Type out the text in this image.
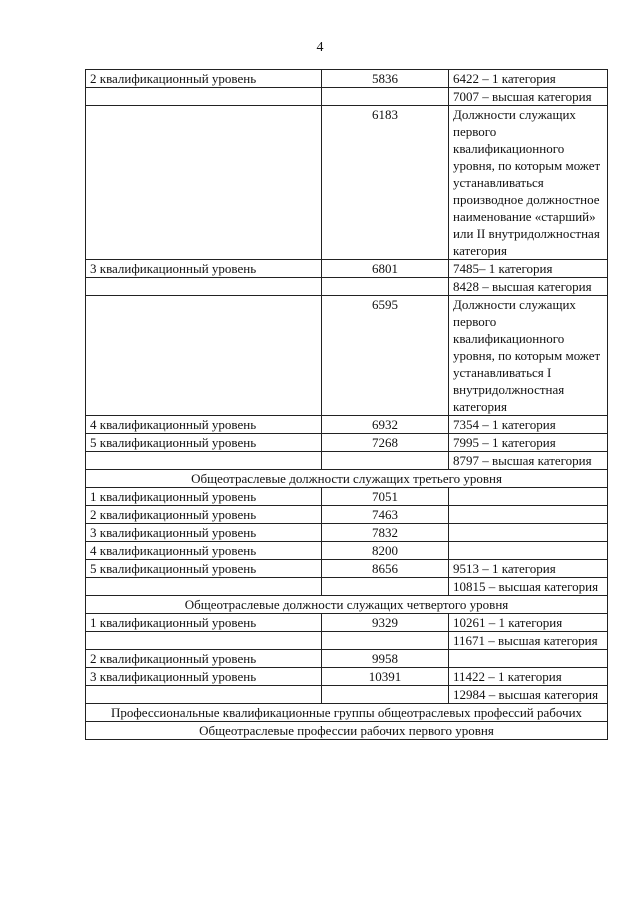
4
2 квалификационный уровень	5836	6422 – 1 категория
		7007 – высшая категория
	6183	Должности служащих первого квалификационного уровня, по которым может устанавливаться производное должностное наименование «старший» или II внутридолжностная категория
3 квалификационный уровень	6801	7485– 1 категория
		8428 – высшая категория
	6595	Должности служащих первого квалификационного уровня, по которым может устанавливаться I внутридолжностная категория
4 квалификационный уровень	6932	7354 – 1 категория
5 квалификационный уровень	7268	7995 – 1 категория
		8797 – высшая категория
Общеотраслевые должности служащих третьего уровня		
1 квалификационный уровень	7051	
2 квалификационный уровень	7463	
3 квалификационный уровень	7832	
4 квалификационный уровень	8200	
5 квалификационный уровень	8656	9513 – 1 категория
		10815 – высшая категория
Общеотраслевые должности служащих четвертого уровня		
1 квалификационный уровень	9329	10261 – 1 категория
		11671 – высшая категория
2 квалификационный уровень	9958	
3 квалификационный уровень	10391	11422 – 1 категория
		12984 – высшая категория
Профессиональные квалификационные группы общеотраслевых профессий рабочих		
Общеотраслевые профессии рабочих первого уровня		
